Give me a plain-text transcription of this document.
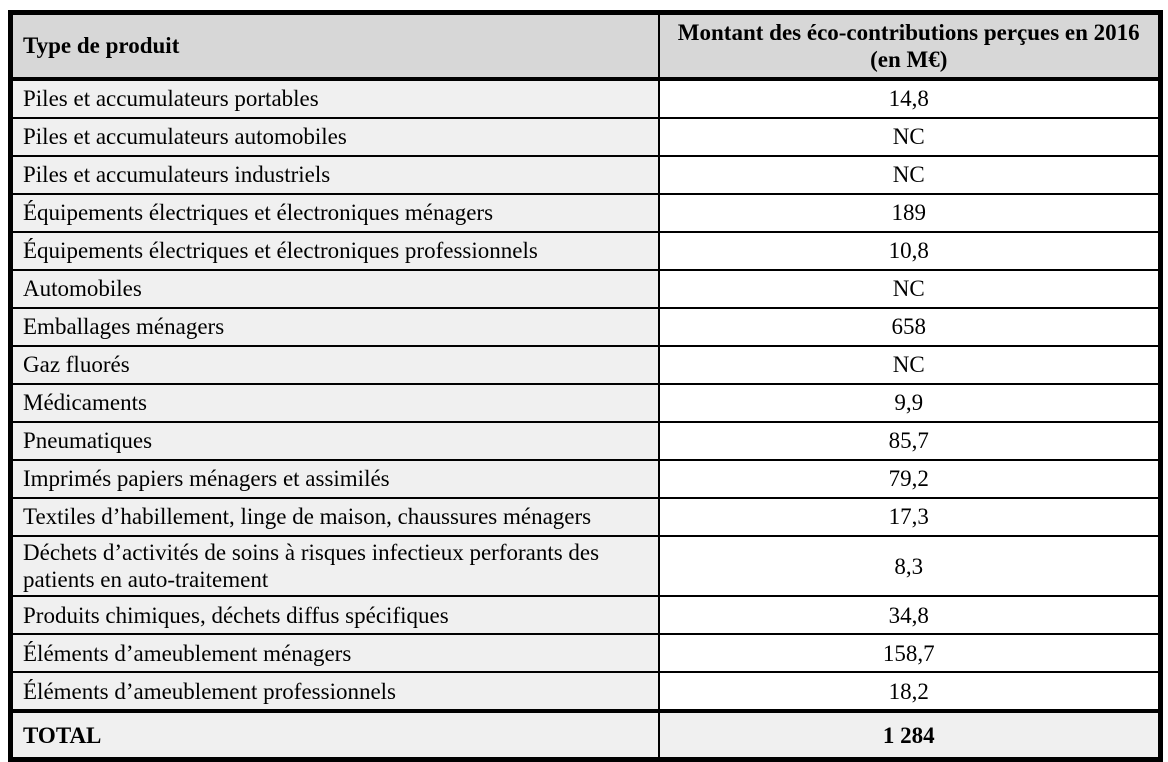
Type de produit	Montant des éco-contributions perçues en 2016 (en M€)
Piles et accumulateurs portables	14,8
Piles et accumulateurs automobiles	NC
Piles et accumulateurs industriels	NC
Équipements électriques et électroniques ménagers	189
Équipements électriques et électroniques professionnels	10,8
Automobiles	NC
Emballages ménagers	658
Gaz fluorés	NC
Médicaments	9,9
Pneumatiques	85,7
Imprimés papiers ménagers et assimilés	79,2
Textiles d’habillement, linge de maison, chaussures ménagers	17,3
Déchets d’activités de soins à risques infectieux perforants des patients en auto-traitement	8,3
Produits chimiques, déchets diffus spécifiques	34,8
Éléments d’ameublement ménagers	158,7
Éléments d’ameublement professionnels	18,2
TOTAL	1 284
